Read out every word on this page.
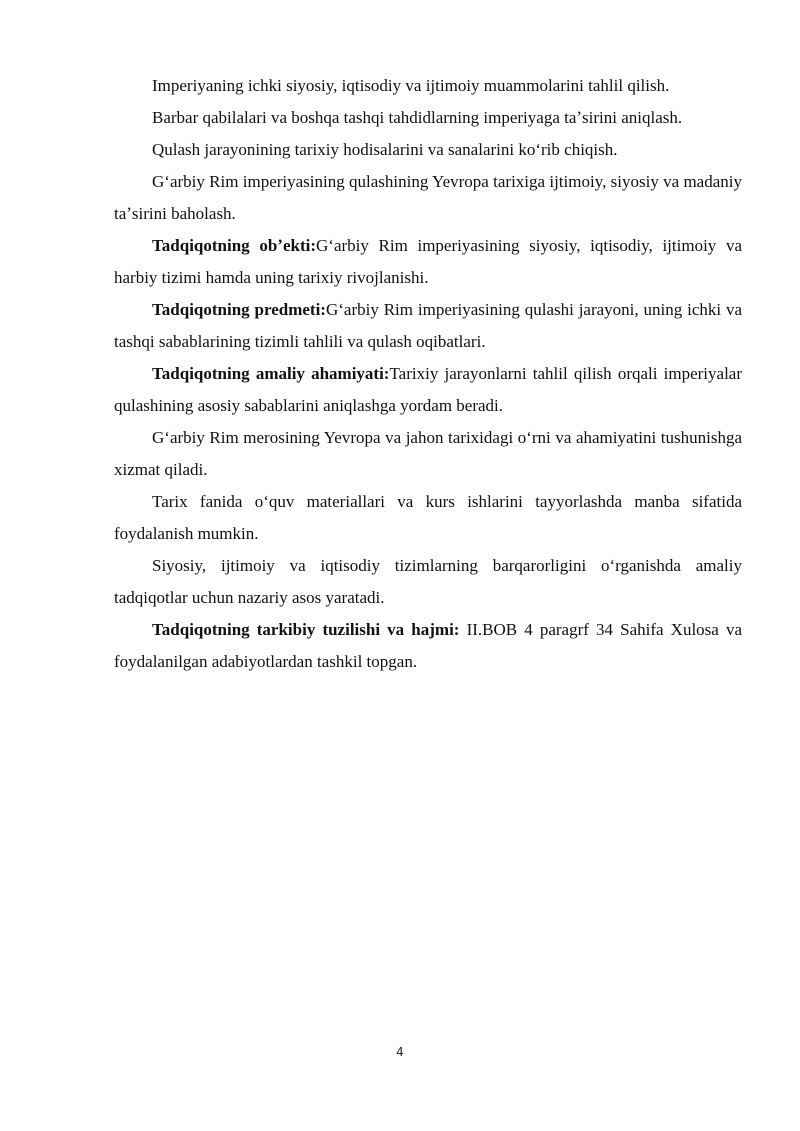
Imperiyaning ichki siyosiy, iqtisodiy va ijtimoiy muammolarini tahlil qilish.

Barbar qabilalari va boshqa tashqi tahdidlarning imperiyaga taʼsirini aniqlash.

Qulash jarayonining tarixiy hodisalarini va sanalarini koʻrib chiqish.

Gʻarbiy Rim imperiyasining qulashining Yevropa tarixiga ijtimoiy, siyosiy va madaniy taʼsirini baholash.

Tadqiqotning obʼekti:Gʻarbiy Rim imperiyasining siyosiy, iqtisodiy, ijtimoiy va harbiy tizimi hamda uning tarixiy rivojlanishi.

Tadqiqotning predmeti:Gʻarbiy Rim imperiyasining qulashi jarayoni, uning ichki va tashqi sabablarining tizimli tahlili va qulash oqibatlari.

Tadqiqotning amaliy ahamiyati:Tarixiy jarayonlarni tahlil qilish orqali imperiyalar qulashining asosiy sabablarini aniqlashga yordam beradi.

Gʻarbiy Rim merosining Yevropa va jahon tarixidagi oʻrni va ahamiyatini tushunishga xizmat qiladi.

Tarix fanida oʻquv materiallari va kurs ishlarini tayyorlashda manba sifatida foydalanish mumkin.

Siyosiy, ijtimoiy va iqtisodiy tizimlarning barqarorligini oʻrganishda amaliy tadqiqotlar uchun nazariy asos yaratadi.

Tadqiqotning tarkibiy tuzilishi va hajmi: II.BOB 4 paragrf 34 Sahifa Xulosa va foydalanilgan adabiyotlardan tashkil topgan.

4
